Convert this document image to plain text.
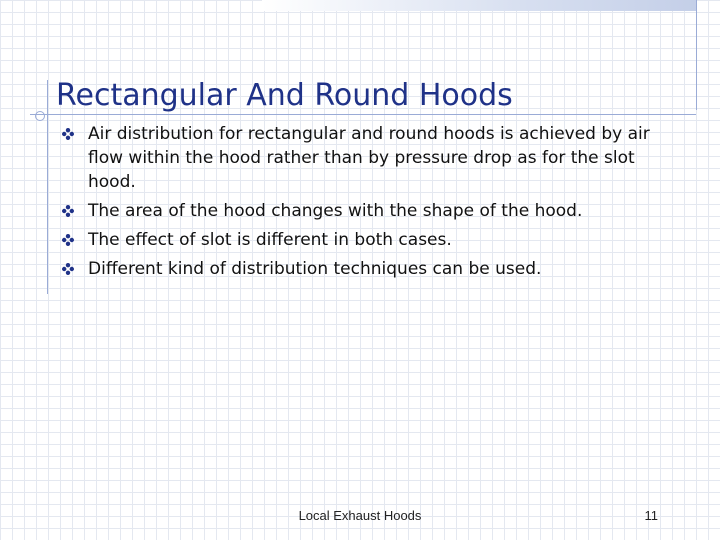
Rectangular And Round Hoods
Air distribution for rectangular and round hoods is achieved by air flow within the hood rather than by pressure drop as for the slot hood.
The area of the hood changes with the shape of the hood.
The effect of slot is different in both cases.
Different kind of distribution techniques can be used.
Local Exhaust Hoods	11
